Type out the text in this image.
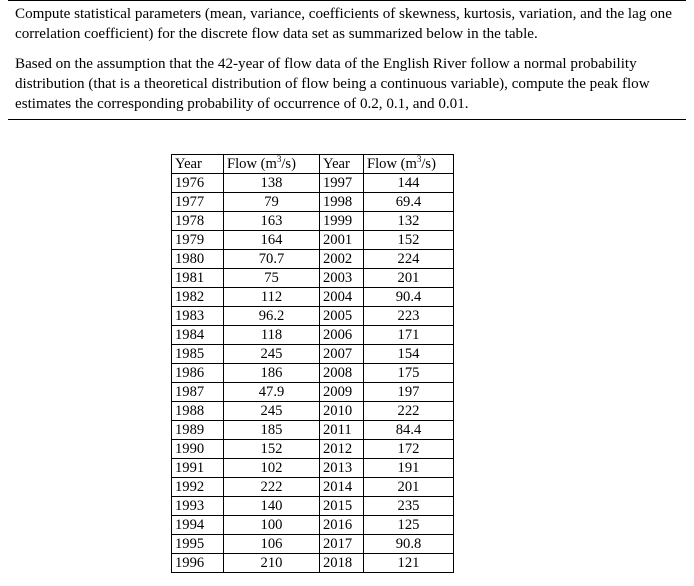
Compute statistical parameters (mean, variance, coefficients of skewness, kurtosis, variation, and the lag one correlation coefficient) for the discrete flow data set as summarized below in the table.

Based on the assumption that the 42-year of flow data of the English River follow a normal probability distribution (that is a theoretical distribution of flow being a continuous variable), compute the peak flow estimates the corresponding probability of occurrence of 0.2, 0.1, and 0.01.

Year	Flow $(m^3/s)$	Year	Flow $(m^3/s)$
1976	138	1997	144
1977	79	1998	69.4
1978	163	1999	132
1979	164	2001	152
1980	70.7	2002	224
1981	75	2003	201
1982	112	2004	90.4
1983	96.2	2005	223
1984	118	2006	171
1985	245	2007	154
1986	186	2008	175
1987	47.9	2009	197
1988	245	2010	222
1989	185	2011	84.4
1990	152	2012	172
1991	102	2013	191
1992	222	2014	201
1993	140	2015	235
1994	100	2016	125
1995	106	2017	90.8
1996	210	2018	121
